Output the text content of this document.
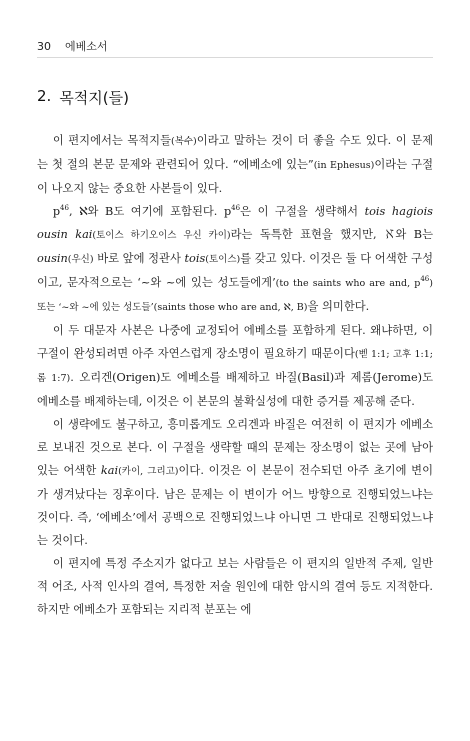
30 에베소서
2. 목적지(들)

이 편지에서는 목적지들(복수)이라고 말하는 것이 더 좋을 수도 있다. 이 문제는 첫 절의 본문 문제와 관련되어 있다. “에베소에 있는”(in Ephesus)이라는 구절이 나오지 않는 중요한 사본들이 있다.

$p^{46}$, ℵ와 B도 여기에 포함된다. $p^{46}$은 이 구절을 생략해서 tois hagiois ousin kai(토이스 하기오이스 우신 카이)라는 독특한 표현을 했지만, ℵ와 B는 ousin(우신) 바로 앞에 정관사 tois(토이스)를 갖고 있다. 이것은 둘 다 어색한 구성이고, 문자적으로는 ‘~와 ~에 있는 성도들에게’(to the saints who are and, $p^{46}$) 또는 ‘~와 ~에 있는 성도들’(saints those who are and, ℵ, B)을 의미한다.

이 두 대문자 사본은 나중에 교정되어 에베소를 포함하게 된다. 왜냐하면, 이 구절이 완성되려면 아주 자연스럽게 장소명이 필요하기 때문이다(벧 1:1; 고후 1:1; 롬 1:7). 오리겐(Origen)도 에베소를 배제하고 바질(Basil)과 제롬(Jerome)도 에베소를 배제하는데, 이것은 이 본문의 불확실성에 대한 증거를 제공해 준다.

이 생략에도 불구하고, 흥미롭게도 오리겐과 바질은 여전히 이 편지가 에베소로 보내진 것으로 본다. 이 구절을 생략할 때의 문제는 장소명이 없는 곳에 남아 있는 어색한 kai(카이, 그리고)이다. 이것은 이 본문이 전수되던 아주 초기에 변이가 생겨났다는 징후이다. 남은 문제는 이 변이가 어느 방향으로 진행되었느냐는 것이다. 즉, ‘에베소’에서 공백으로 진행되었느냐 아니면 그 반대로 진행되었느냐는 것이다.

이 편지에 특정 주소지가 없다고 보는 사람들은 이 편지의 일반적 주제, 일반적 어조, 사적 인사의 결여, 특정한 저술 원인에 대한 암시의 결여 등도 지적한다. 하지만 에베소가 포함되는 지리적 분포는 에
